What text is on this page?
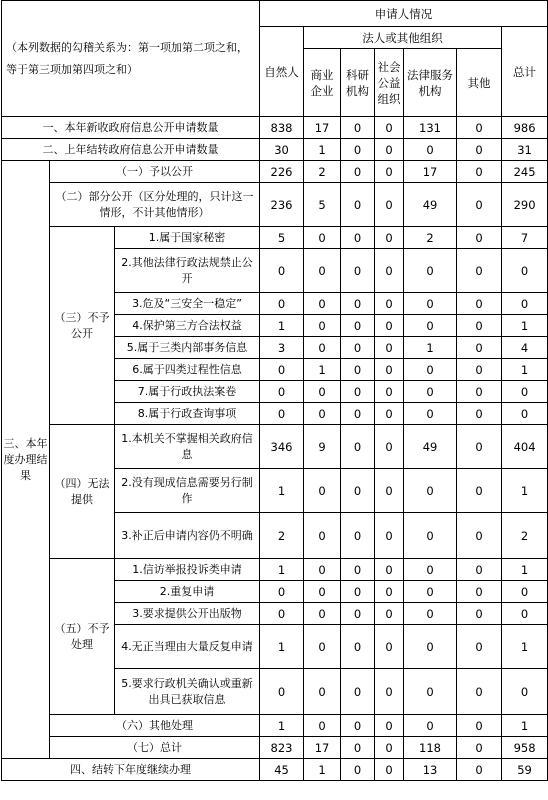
（本列数据的勾稽关系为：第一项加第二项之和，等于第三项加第四项之和）			申请人情况						
			自然人	法人或其他组织					总计
				商业企业	科研机构	社会公益组织	法律服务机构	其他	
一、本年新收政府信息公开申请数量			838	17	0	0	131	0	986
二、上年结转政府信息公开申请数量			30	1	0	0	0	0	31
三、本年度办理结果	（一）予以公开		226	2	0	0	17	0	245
	（二）部分公开（区分处理的，只计这一情形，不计其他情形）		236	5	0	0	49	0	290
	（三）不予公开	1.属于国家秘密	5	0	0	0	2	0	7
		2.其他法律行政法规禁止公开	0	0	0	0	0	0	0
		3.危及“三安全一稳定”	0	0	0	0	0	0	0
		4.保护第三方合法权益	1	0	0	0	0	0	1
		5.属于三类内部事务信息	3	0	0	0	1	0	4
		6.属于四类过程性信息	0	1	0	0	0	0	1
		7.属于行政执法案卷	0	0	0	0	0	0	0
		8.属于行政查询事项	0	0	0	0	0	0	0
	（四）无法提供	1.本机关不掌握相关政府信息	346	9	0	0	49	0	404
		2.没有现成信息需要另行制作	1	0	0	0	0	0	1
		3.补正后申请内容仍不明确	2	0	0	0	0	0	2
	（五）不予处理	1.信访举报投诉类申请	1	0	0	0	0	0	1
		2.重复申请	0	0	0	0	0	0	0
		3.要求提供公开出版物	0	0	0	0	0	0	0
		4.无正当理由大量反复申请	1	0	0	0	0	0	1
		5.要求行政机关确认或重新出具已获取信息	0	0	0	0	0	0	0
	（六）其他处理		1	0	0	0	0	0	1
	（七）总计		823	17	0	0	118	0	958
四、结转下年度继续办理			45	1	0	0	13	0	59
